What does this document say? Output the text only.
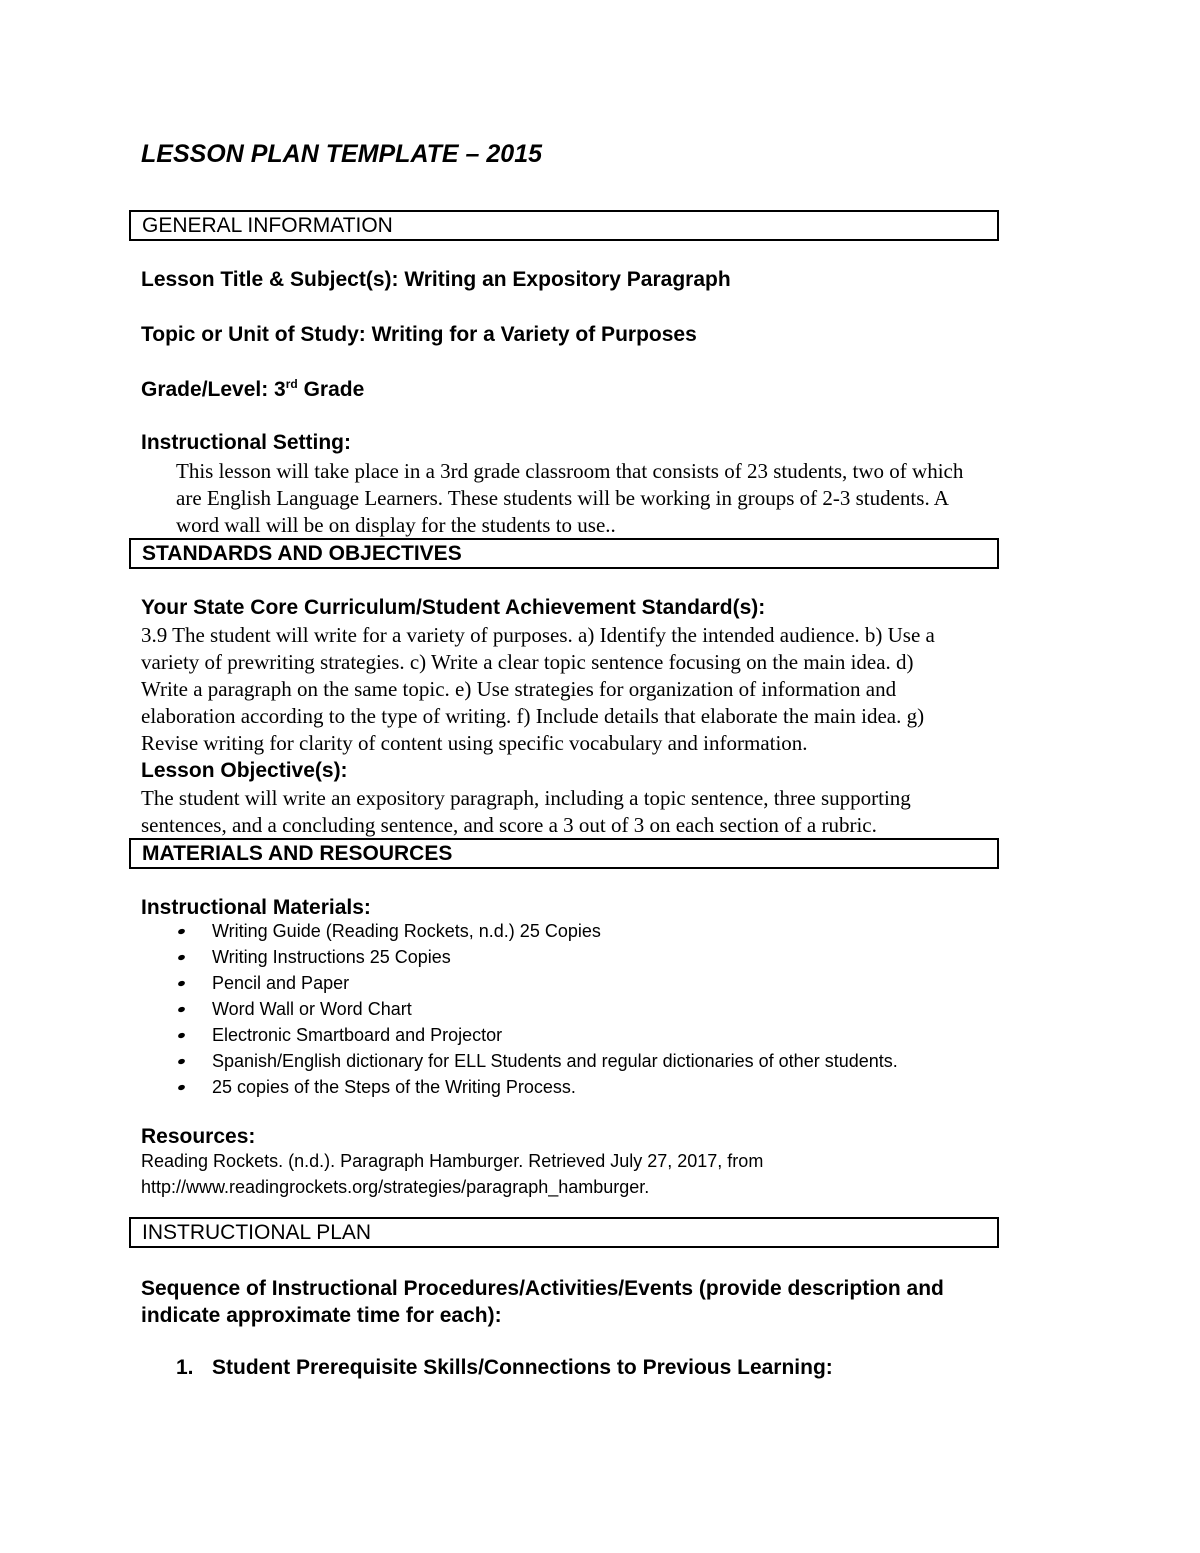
LESSON PLAN TEMPLATE – 2015
GENERAL INFORMATION
Lesson Title & Subject(s): Writing an Expository Paragraph
Topic or Unit of Study: Writing for a Variety of Purposes
Grade/Level: 3rd Grade
Instructional Setting:
This lesson will take place in a 3rd grade classroom that consists of 23 students, two of which
are English Language Learners. These students will be working in groups of 2-3 students. A
word wall will be on display for the students to use..
STANDARDS AND OBJECTIVES
Your State Core Curriculum/Student Achievement Standard(s):
3.9 The student will write for a variety of purposes. a) Identify the intended audience. b) Use a
variety of prewriting strategies. c) Write a clear topic sentence focusing on the main idea. d)
Write a paragraph on the same topic. e) Use strategies for organization of information and
elaboration according to the type of writing. f) Include details that elaborate the main idea. g)
Revise writing for clarity of content using specific vocabulary and information.
Lesson Objective(s):
The student will write an expository paragraph, including a topic sentence, three supporting
sentences, and a concluding sentence, and score a 3 out of 3 on each section of a rubric.
MATERIALS AND RESOURCES
Instructional Materials:
Writing Guide (Reading Rockets, n.d.) 25 Copies
Writing Instructions 25 Copies
Pencil and Paper
Word Wall or Word Chart
Electronic Smartboard and Projector
Spanish/English dictionary for ELL Students and regular dictionaries of other students.
25 copies of the Steps of the Writing Process.
Resources:
Reading Rockets. (n.d.). Paragraph Hamburger. Retrieved July 27, 2017, from
http://www.readingrockets.org/strategies/paragraph_hamburger.
INSTRUCTIONAL PLAN
Sequence of Instructional Procedures/Activities/Events (provide description and
indicate approximate time for each):
1. Student Prerequisite Skills/Connections to Previous Learning:
